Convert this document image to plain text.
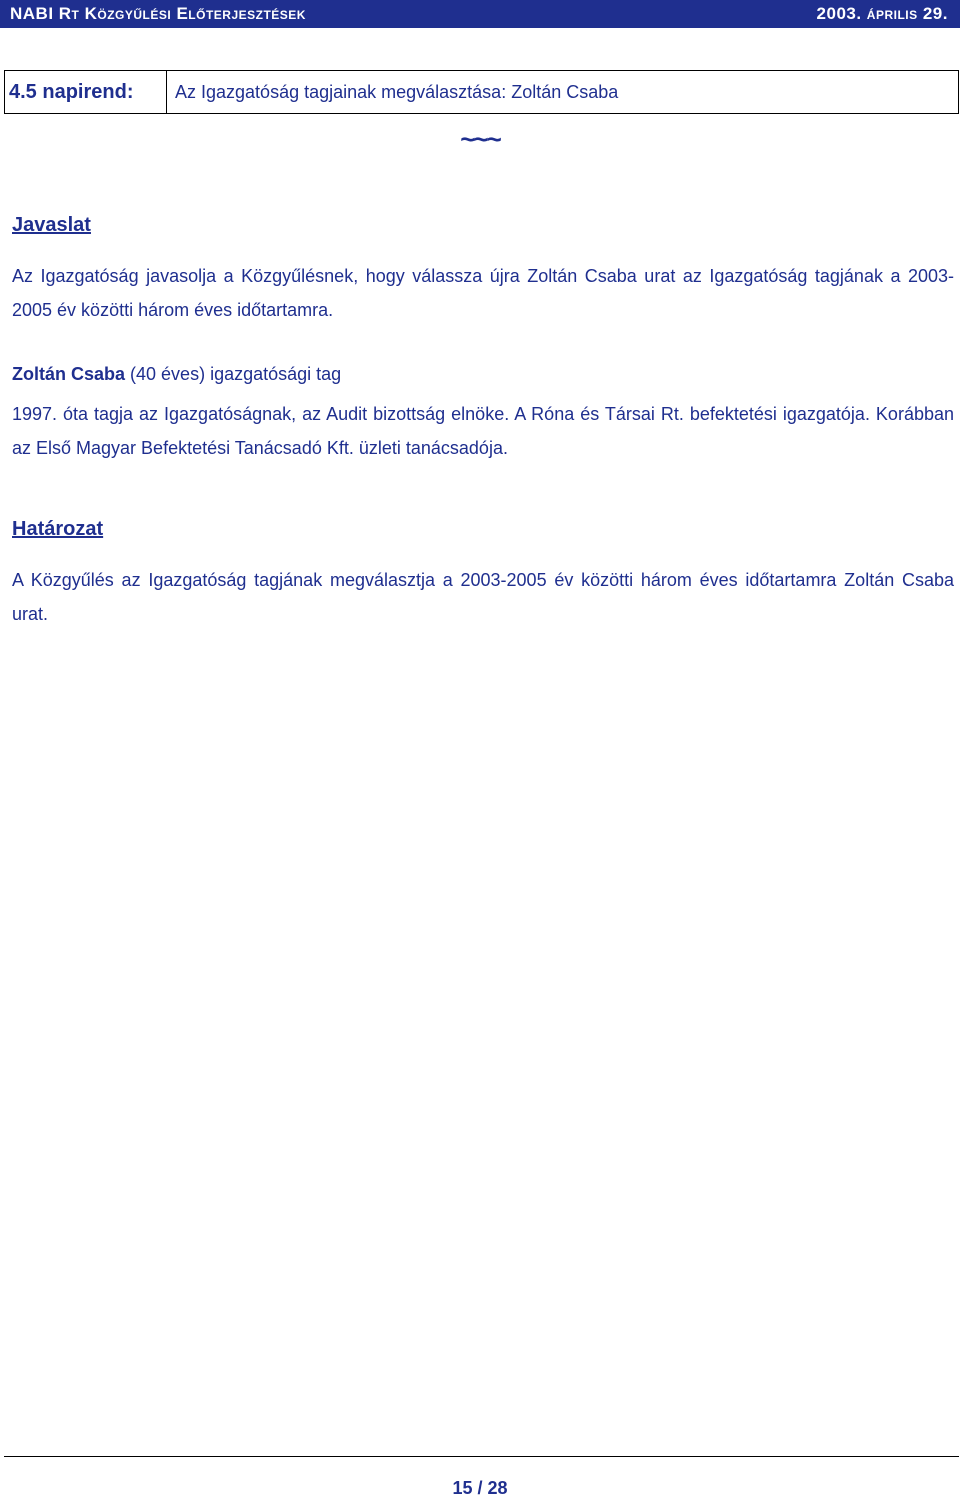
NABI Rt Közgyűlési Előterjesztések	2003. április 29.
4.5 napirend:	Az Igazgatóság tagjainak megválasztása: Zoltán Csaba
~~~
Javaslat
Az Igazgatóság javasolja a Közgyűlésnek, hogy válassza újra Zoltán Csaba urat az Igazgatóság tagjának a 2003-2005 év közötti három éves időtartamra.
Zoltán Csaba (40 éves) igazgatósági tag
1997. óta tagja az Igazgatóságnak, az Audit bizottság elnöke. A Róna és Társai Rt. befektetési igazgatója. Korábban az Első Magyar Befektetési Tanácsadó Kft. üzleti tanácsadója.
Határozat
A Közgyűlés az Igazgatóság tagjának megválasztja a 2003-2005 év közötti három éves időtartamra Zoltán Csaba urat.
15 / 28
